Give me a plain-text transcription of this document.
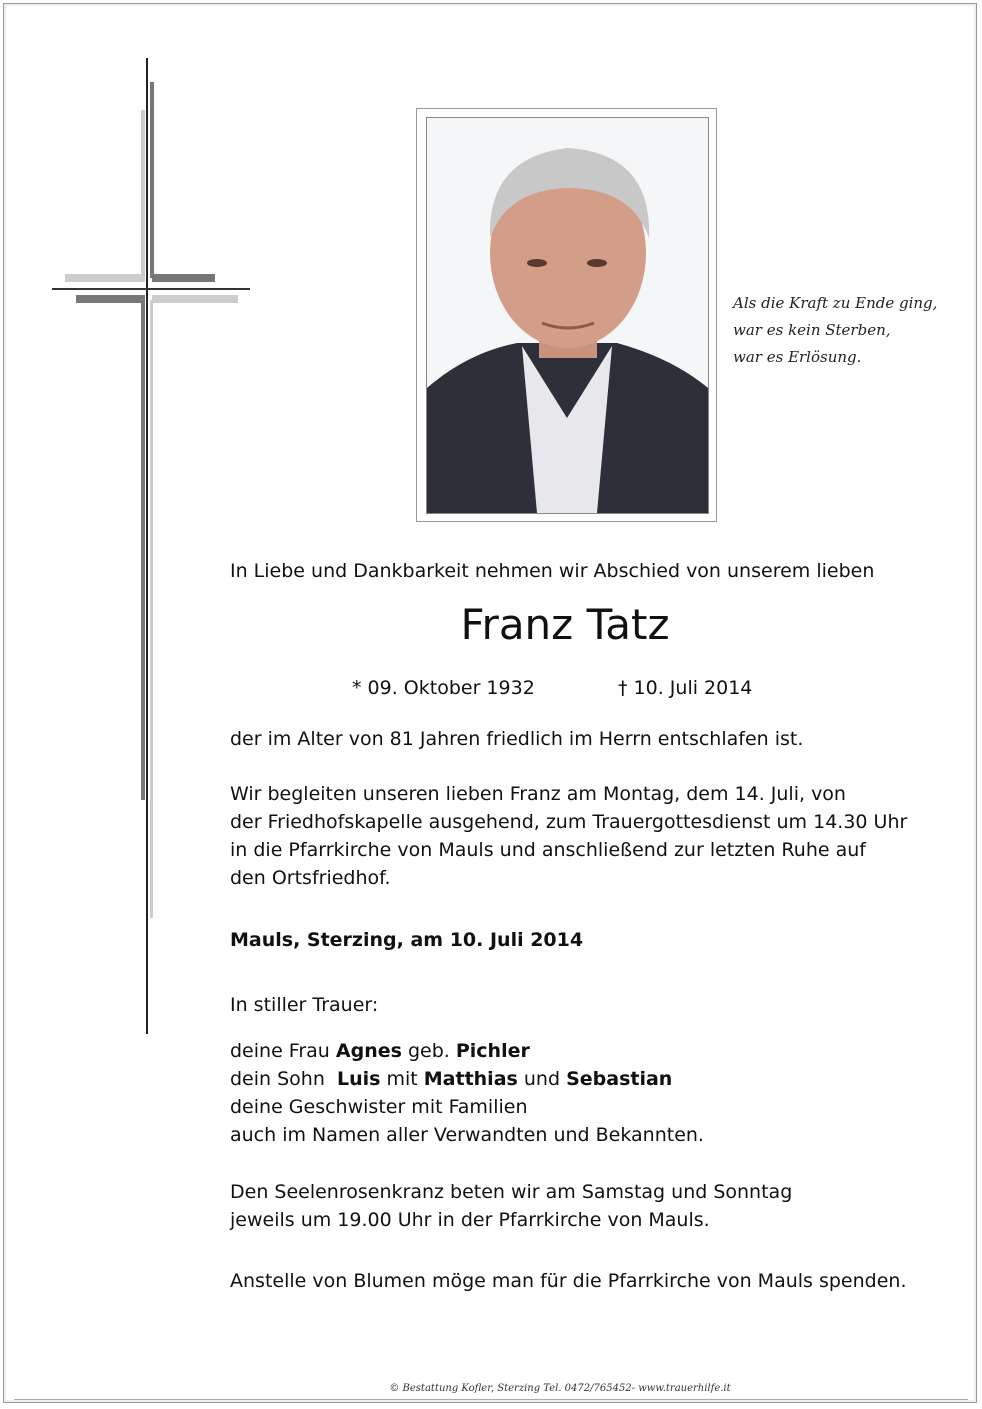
Als die Kraft zu Ende ging,
war es kein Sterben,
war es Erlösung.
In Liebe und Dankbarkeit nehmen wir Abschied von unserem lieben
Franz Tatz
* 09. Oktober 1932	† 10. Juli 2014
der im Alter von 81 Jahren friedlich im Herrn entschlafen ist.
Wir begleiten unseren lieben Franz am Montag, dem 14. Juli, von
der Friedhofskapelle ausgehend, zum Trauergottesdienst um 14.30 Uhr
in die Pfarrkirche von Mauls und anschließend zur letzten Ruhe auf
den Ortsfriedhof.
Mauls, Sterzing, am 10. Juli 2014
In stiller Trauer:
deine Frau Agnes geb. Pichler
dein Sohn  Luis mit Matthias und Sebastian
deine Geschwister mit Familien
auch im Namen aller Verwandten und Bekannten.
Den Seelenrosenkranz beten wir am Samstag und Sonntag
jeweils um 19.00 Uhr in der Pfarrkirche von Mauls.
Anstelle von Blumen möge man für die Pfarrkirche von Mauls spenden.
© Bestattung Kofler, Sterzing Tel. 0472/765452- www.trauerhilfe.it
